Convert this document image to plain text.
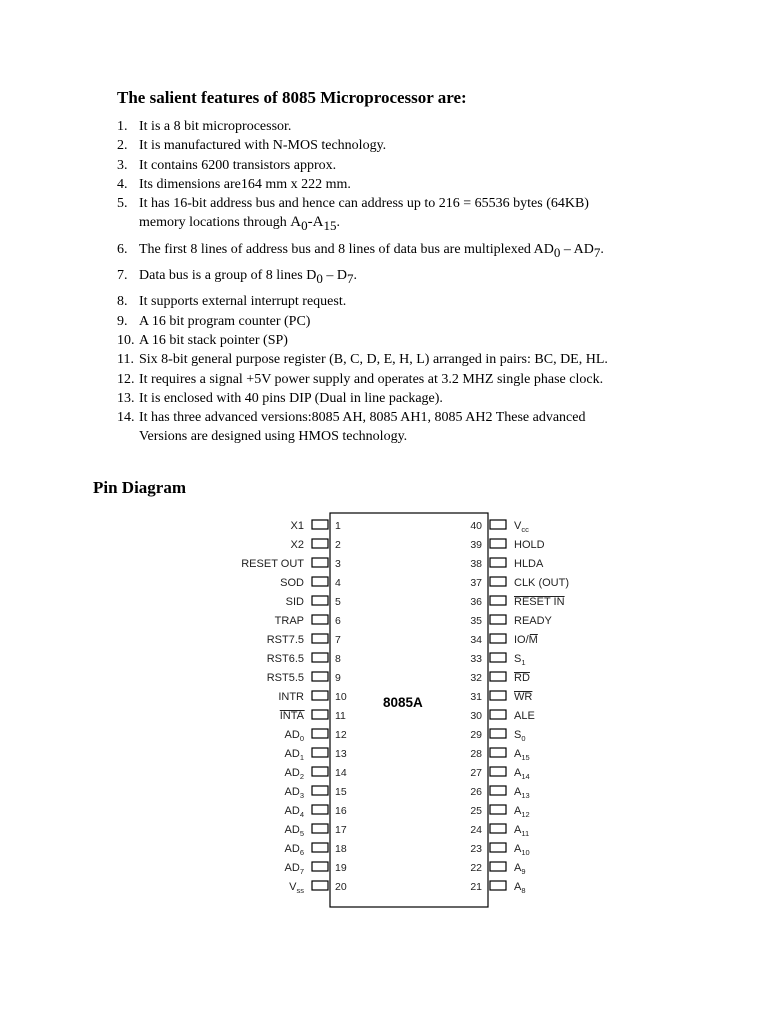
The salient features of 8085 Microprocessor are:
1. It is a 8 bit microprocessor.
2. It is manufactured with N-MOS technology.
3. It contains 6200 transistors approx.
4. Its dimensions are164 mm x 222 mm.
5. It has 16-bit address bus and hence can address up to 216 = 65536 bytes (64KB)
memory locations through $A_0-A_{15}$.
6. The first 8 lines of address bus and 8 lines of data bus are multiplexed $AD_0 - AD_7$.
7. Data bus is a group of 8 lines $D_0 - D_7$.
8. It supports external interrupt request.
9. A 16 bit program counter (PC)
10. A 16 bit stack pointer (SP)
11. Six 8-bit general purpose register (B, C, D, E, H, L) arranged in pairs: BC, DE, HL.
12. It requires a signal +5V power supply and operates at 3.2 MHZ single phase clock.
13. It is enclosed with 40 pins DIP (Dual in line package).
14. It has three advanced versions:8085 AH, 8085 AH1, 8085 AH2 These advanced
Versions are designed using HMOS technology.
Pin Diagram
8085A
1
X1
2
X2
3
RESET OUT
4
SOD
5
SID
6
TRAP
7
RST7.5
8
RST6.5
9
RST5.5
10
INTR
11
INTA
12
$AD_0$
13
$AD_1$
14
$AD_2$
15
$AD_3$
16
$AD_4$
17
$AD_5$
18
$AD_6$
19
$AD_7$
20
$V_{ss}$
40	$V_{cc}$
39	HOLD
38	HLDA
37	CLK (OUT)
36	RESET IN
35	READY
34	IO/M
33	$S_1$
32	RD
31	WR
30	ALE
29	$S_0$
28	$A_{15}$
27	$A_{14}$
26	$A_{13}$
25	$A_{12}$
24	$A_{11}$
23	$A_{10}$
22	$A_9$
21	$A_8$
